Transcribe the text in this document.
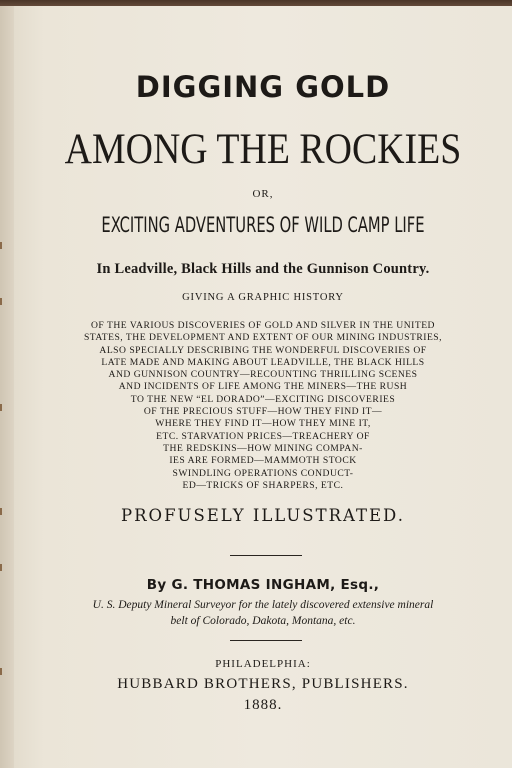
DIGGING GOLD
AMONG THE ROCKIES
OR,
EXCITING ADVENTURES OF WILD CAMP LIFE
In Leadville, Black Hills and the Gunnison Country.
GIVING A GRAPHIC HISTORY
OF THE VARIOUS DISCOVERIES OF GOLD AND SILVER IN THE UNITED
STATES, THE DEVELOPMENT AND EXTENT OF OUR MINING INDUSTRIES,
ALSO SPECIALLY DESCRIBING THE WONDERFUL DISCOVERIES OF
LATE MADE AND MAKING ABOUT LEADVILLE, THE BLACK HILLS
AND GUNNISON COUNTRY—RECOUNTING THRILLING SCENES
AND INCIDENTS OF LIFE AMONG THE MINERS—THE RUSH
TO THE NEW “EL DORADO”—EXCITING DISCOVERIES
OF THE PRECIOUS STUFF—HOW THEY FIND IT—
WHERE THEY FIND IT—HOW THEY MINE IT,
ETC. STARVATION PRICES—TREACHERY OF
THE REDSKINS—HOW MINING COMPAN-
IES ARE FORMED—MAMMOTH STOCK
SWINDLING OPERATIONS CONDUCT-
ED—TRICKS OF SHARPERS, ETC.
PROFUSELY ILLUSTRATED.
By G. THOMAS INGHAM, Esq.,
U. S. Deputy Mineral Surveyor for the lately discovered extensive mineral
belt of Colorado, Dakota, Montana, etc.
PHILADELPHIA:
HUBBARD BROTHERS, PUBLISHERS.
1888.
